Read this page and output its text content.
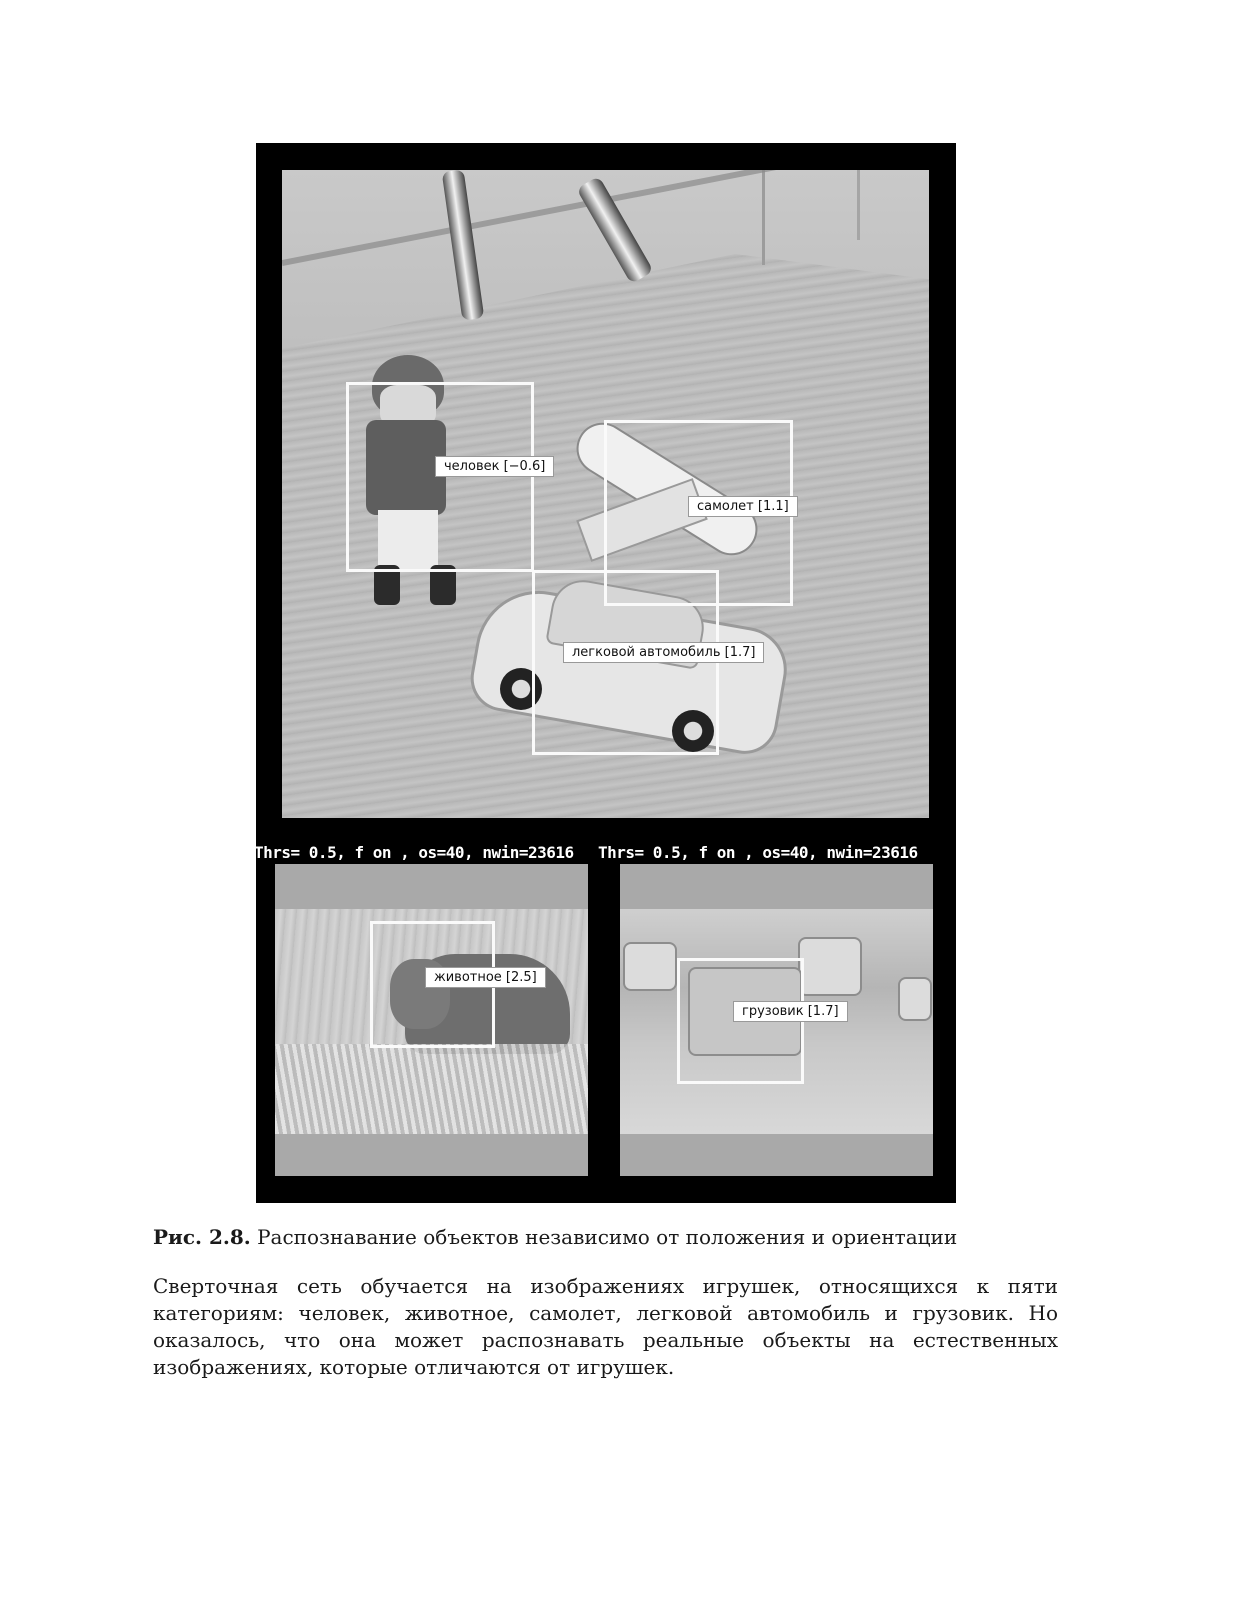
человек [−0.6]
самолет [1.1]
легковой автомобиль [1.7]
Thrs= 0.5, f on , os=40, nwin=23616 Thrs= 0.5, f on , os=40, nwin=23616
животное [2.5]
грузовик [1.7]
Рис. 2.8. Распознавание объектов независимо от положения и ориентации

Сверточная сеть обучается на изображениях игрушек, относящихся к пяти категориям: человек, животное, самолет, легковой автомобиль и грузовик. Но оказалось, что она может распознавать реальные объекты на естественных изображениях, которые отличаются от игрушек.
